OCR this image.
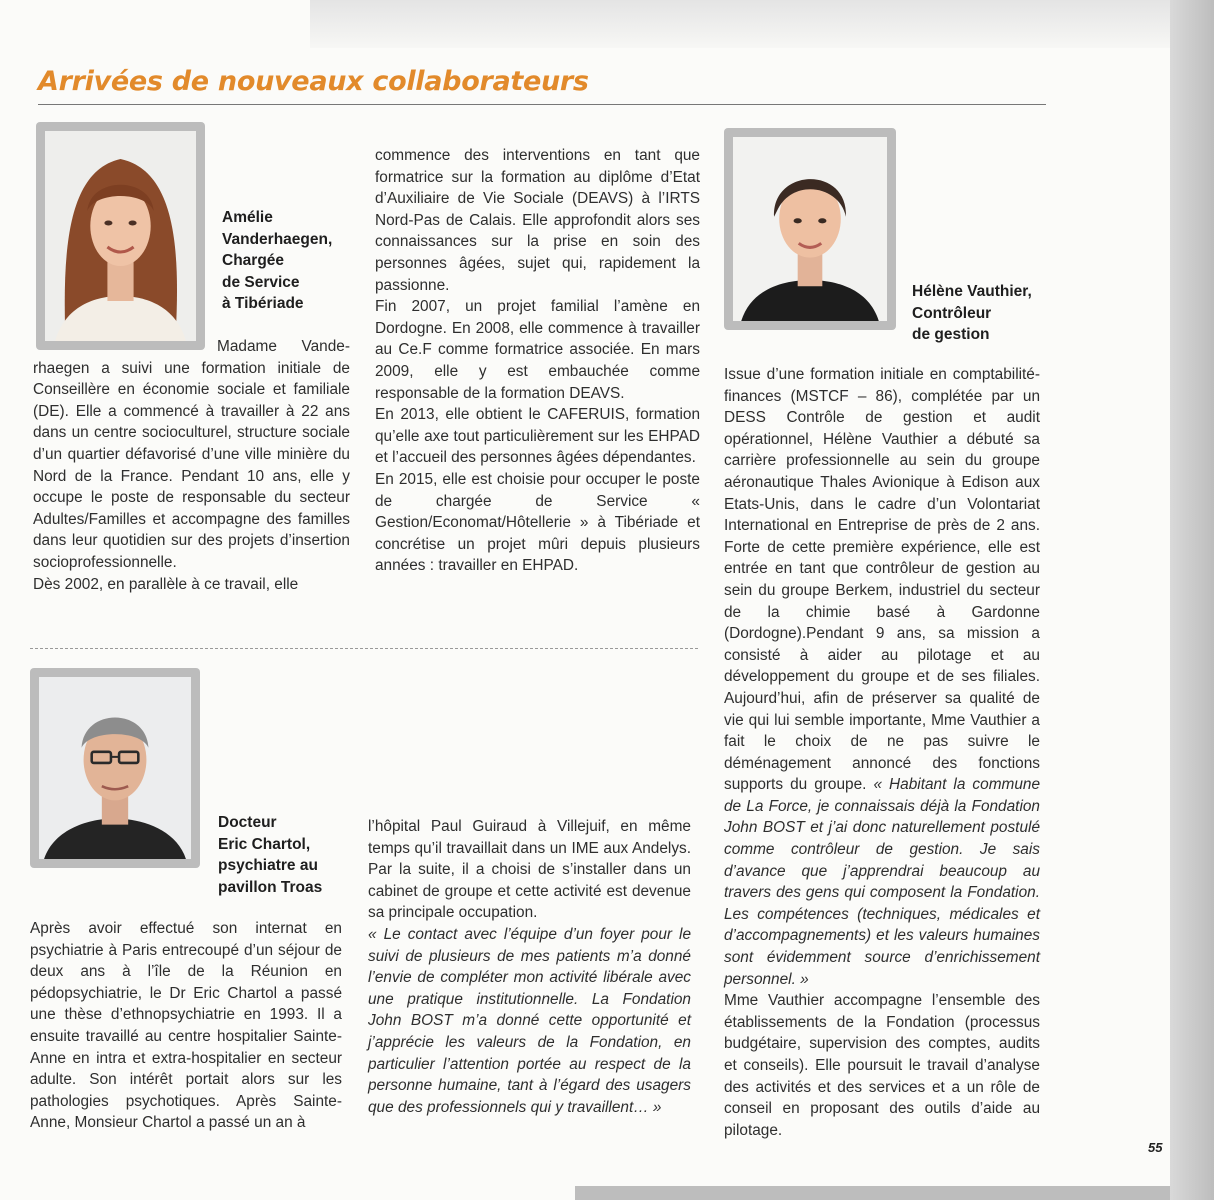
Arrivées de nouveaux collaborateurs

Amélie
Vanderhaegen,
Chargée
de Service
à Tibériade

Madame Vande-rhaegen a suivi une formation initiale de Conseillère en économie sociale et familiale (DE). Elle a commencé à travailler à 22 ans dans un centre socioculturel, structure sociale d’un quartier défavorisé d’une ville minière du Nord de la France. Pendant 10 ans, elle y occupe le poste de responsable du secteur Adultes/Familles et accompagne des familles dans leur quotidien sur des projets d’insertion socioprofessionnelle.

Dès 2002, en parallèle à ce travail, elle

commence des interventions en tant que formatrice sur la formation au diplôme d’Etat d’Auxiliaire de Vie Sociale (DEAVS) à l’IRTS Nord-Pas de Calais. Elle approfondit alors ses connaissances sur la prise en soin des personnes âgées, sujet qui, rapidement la passionne.

Fin 2007, un projet familial l’amène en Dordogne. En 2008, elle commence à travailler au Ce.F comme formatrice associée. En mars 2009, elle y est embauchée comme responsable de la formation DEAVS.

En 2013, elle obtient le CAFERUIS, formation qu’elle axe tout particulièrement sur les EHPAD et l’accueil des personnes âgées dépendantes.

En 2015, elle est choisie pour occuper le poste de chargée de Service « Gestion/Economat/Hôtellerie » à Tibériade et concrétise un projet mûri depuis plusieurs années : travailler en EHPAD.

Hélène Vauthier,
Contrôleur
de gestion

Issue d’une formation initiale en comptabilité-finances (MSTCF – 86), complétée par un DESS Contrôle de gestion et audit opérationnel, Hélène Vauthier a débuté sa carrière professionnelle au sein du groupe aéronautique Thales Avionique à Edison aux Etats-Unis, dans le cadre d’un Volontariat International en Entreprise de près de 2 ans. Forte de cette première expérience, elle est entrée en tant que contrôleur de gestion au sein du groupe Berkem, industriel du secteur de la chimie basé à Gardonne (Dordogne).Pendant 9 ans, sa mission a consisté à aider au pilotage et au développement du groupe et de ses filiales. Aujourd’hui, afin de préserver sa qualité de vie qui lui semble importante, Mme Vauthier a fait le choix de ne pas suivre le déménagement annoncé des fonctions supports du groupe. « Habitant la commune de La Force, je connaissais déjà la Fondation John BOST et j’ai donc naturellement postulé comme contrôleur de gestion. Je sais d’avance que j’apprendrai beaucoup au travers des gens qui composent la Fondation. Les compétences (techniques, médicales et d’accompagnements) et les valeurs humaines sont évidemment source d’enrichissement personnel. »

Mme Vauthier accompagne l’ensemble des établissements de la Fondation (processus budgétaire, supervision des comptes, audits et conseils). Elle poursuit le travail d’analyse des activités et des services et a un rôle de conseil en proposant des outils d’aide au pilotage.

Docteur
Eric Chartol,
psychiatre au
pavillon Troas

Après avoir effectué son internat en psychiatrie à Paris entrecoupé d’un séjour de deux ans à l’île de la Réunion en pédopsychiatrie, le Dr Eric Chartol a passé une thèse d’ethnopsychiatrie en 1993. Il a ensuite travaillé au centre hospitalier Sainte-Anne en intra et extra-hospitalier en secteur adulte. Son intérêt portait alors sur les pathologies psychotiques. Après Sainte-Anne, Monsieur Chartol a passé un an à

l’hôpital Paul Guiraud à Villejuif, en même temps qu’il travaillait dans un IME aux Andelys. Par la suite, il a choisi de s’installer dans un cabinet de groupe et cette activité est devenue sa principale occupation.

« Le contact avec l’équipe d’un foyer pour le suivi de plusieurs de mes patients m’a donné l’envie de compléter mon activité libérale avec une pratique institutionnelle. La Fondation John BOST m’a donné cette opportunité et j’apprécie les valeurs de la Fondation, en particulier l’attention portée au respect de la personne humaine, tant à l’égard des usagers que des professionnels qui y travaillent… »

55
